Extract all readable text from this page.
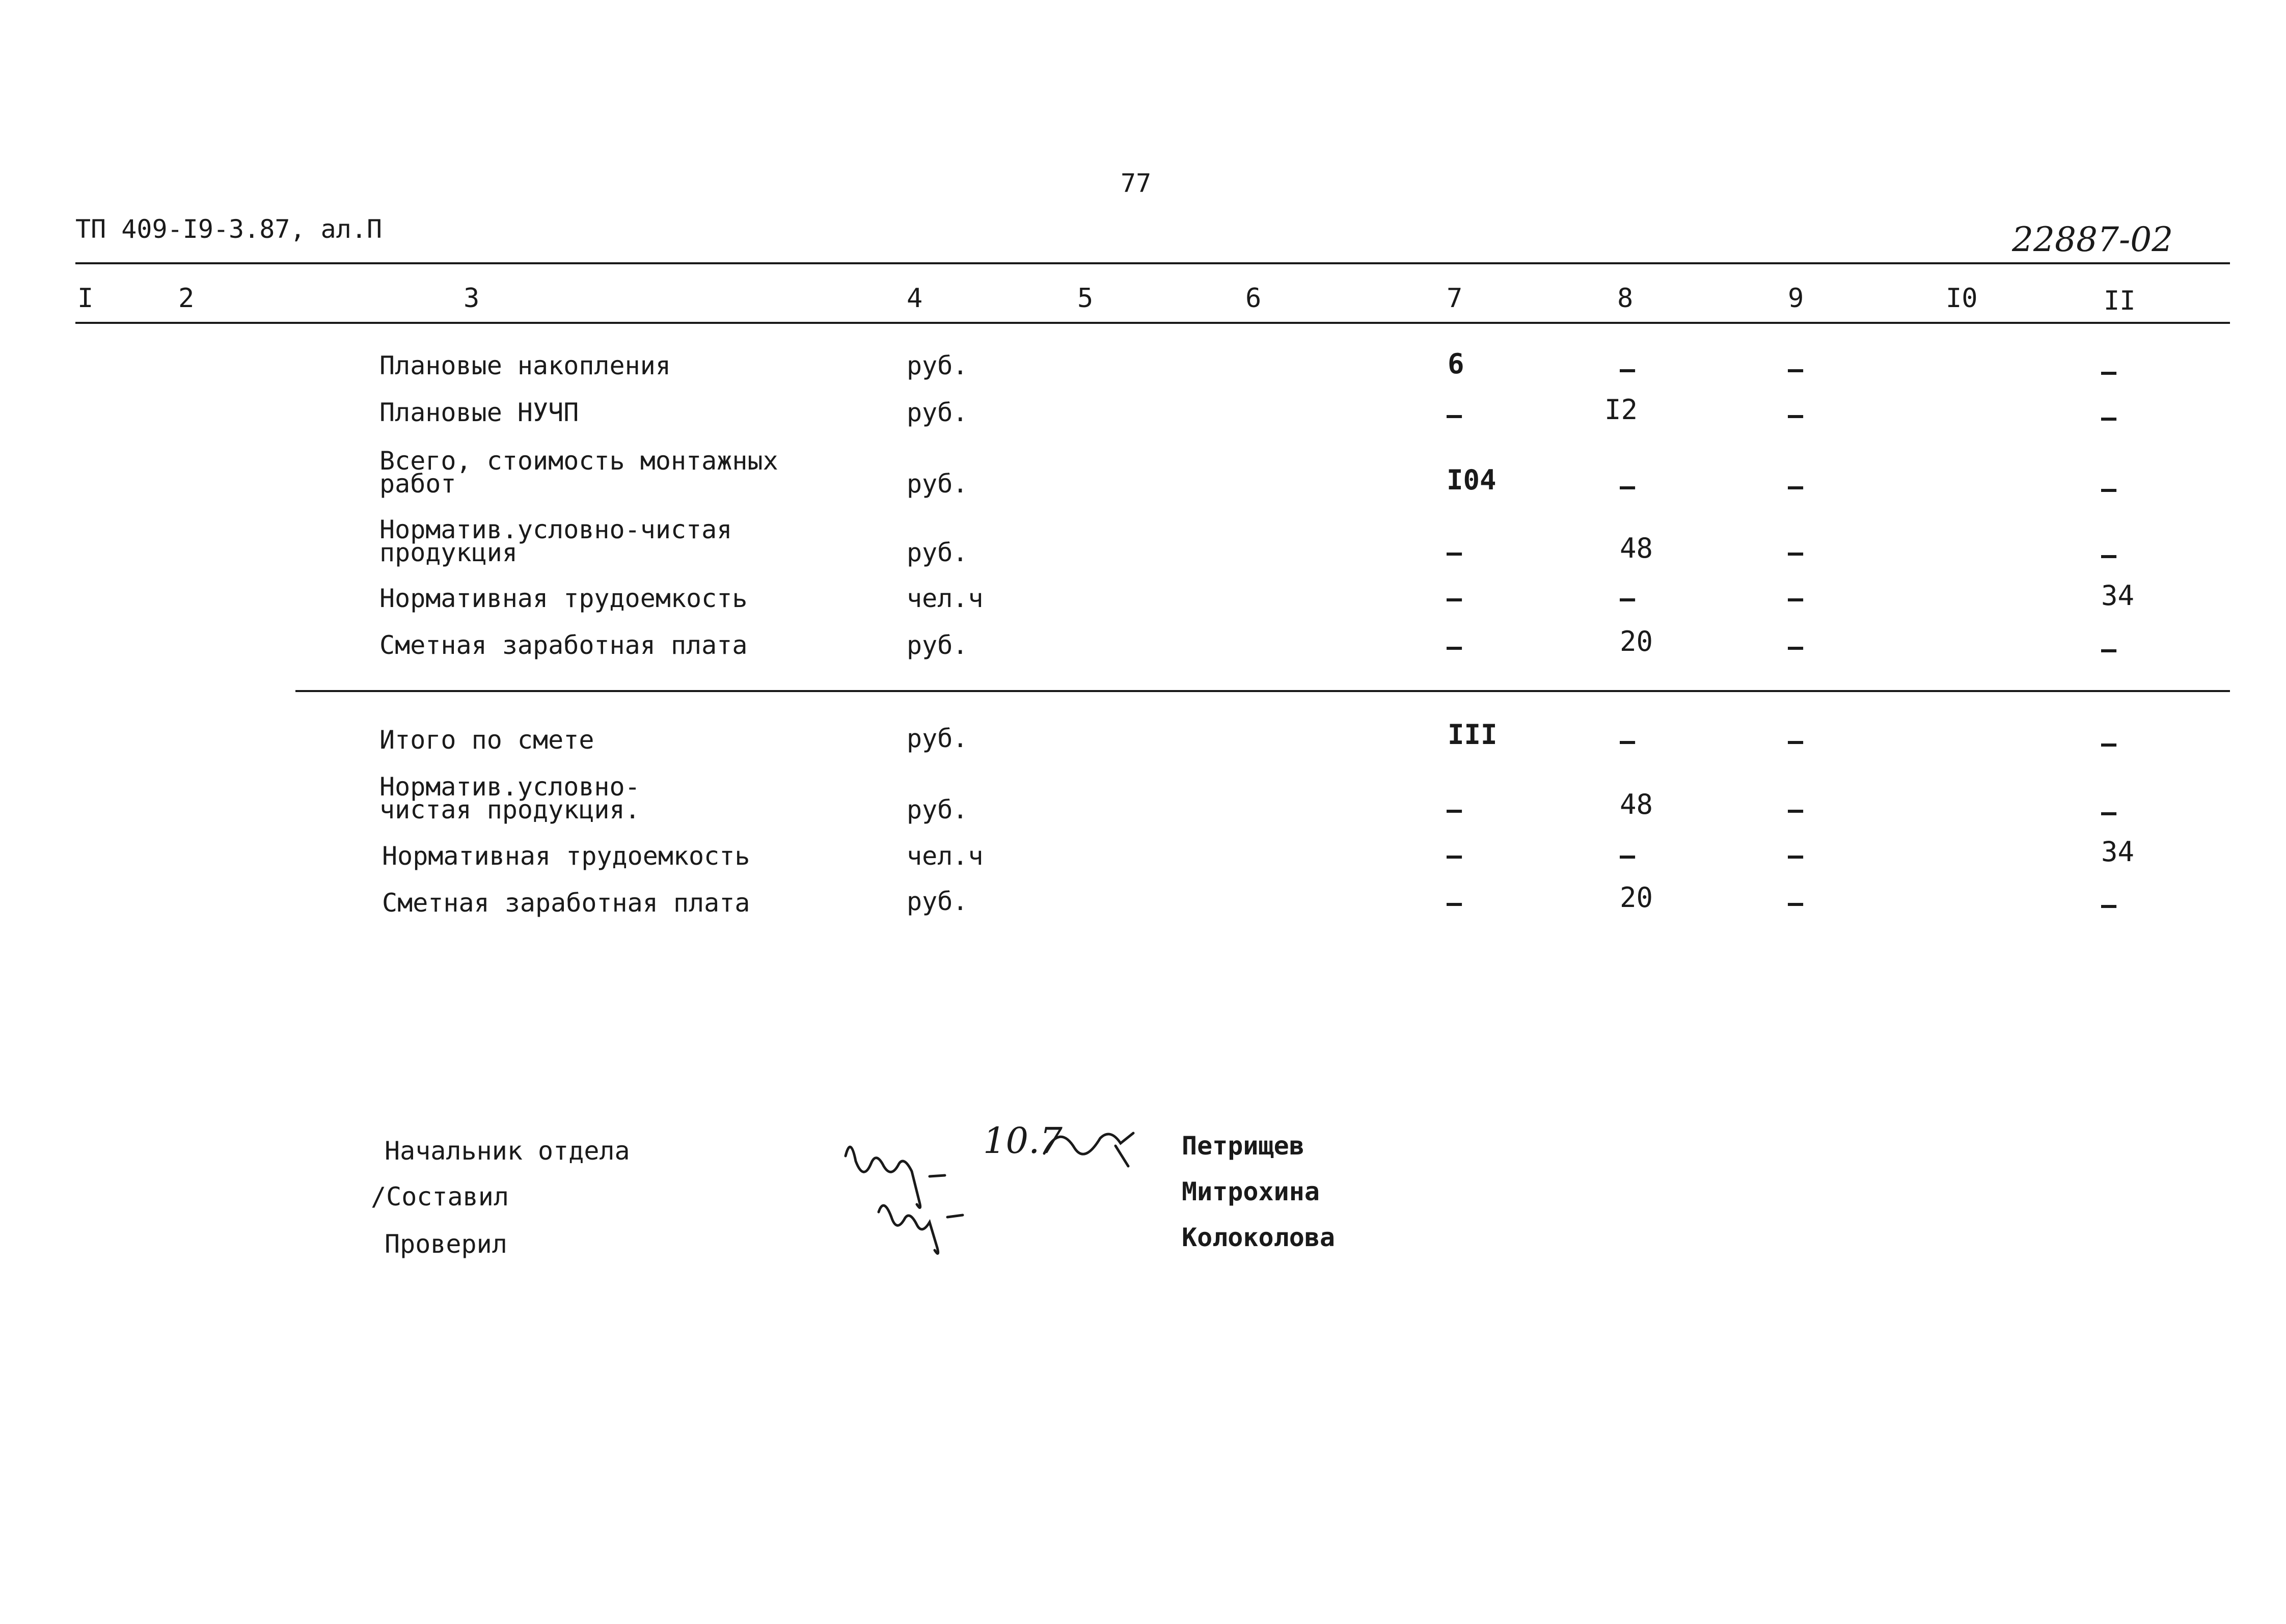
77
ТП 409-I9-3.87, ал.П	22887-02
I	2	3	4	5	6	7	8	9	I0	II
Плановые накопления	руб.	6	–	–	–
Плановые НУЧП	руб.	–	I2	–	–
Всего, стоимость монтажных
работ	руб.	I04	–	–	–
Норматив.условно-чистая
продукция	руб.	–	48	–	–
Нормативная трудоемкость	чел.ч	–	–	–	34
Сметная заработная плата	руб.	–	20	–	–
Итого по смете	руб.	III	–	–	–
Норматив.условно-
чистая продукция.	руб.	–	48	–	–
Нормативная трудоемкость	чел.ч	–	–	–	34
Сметная заработная плата	руб.	–	20	–	–
Начальник отдела
/Составил
Проверил
10.7	Петрищев
Митрохина
Колоколова
